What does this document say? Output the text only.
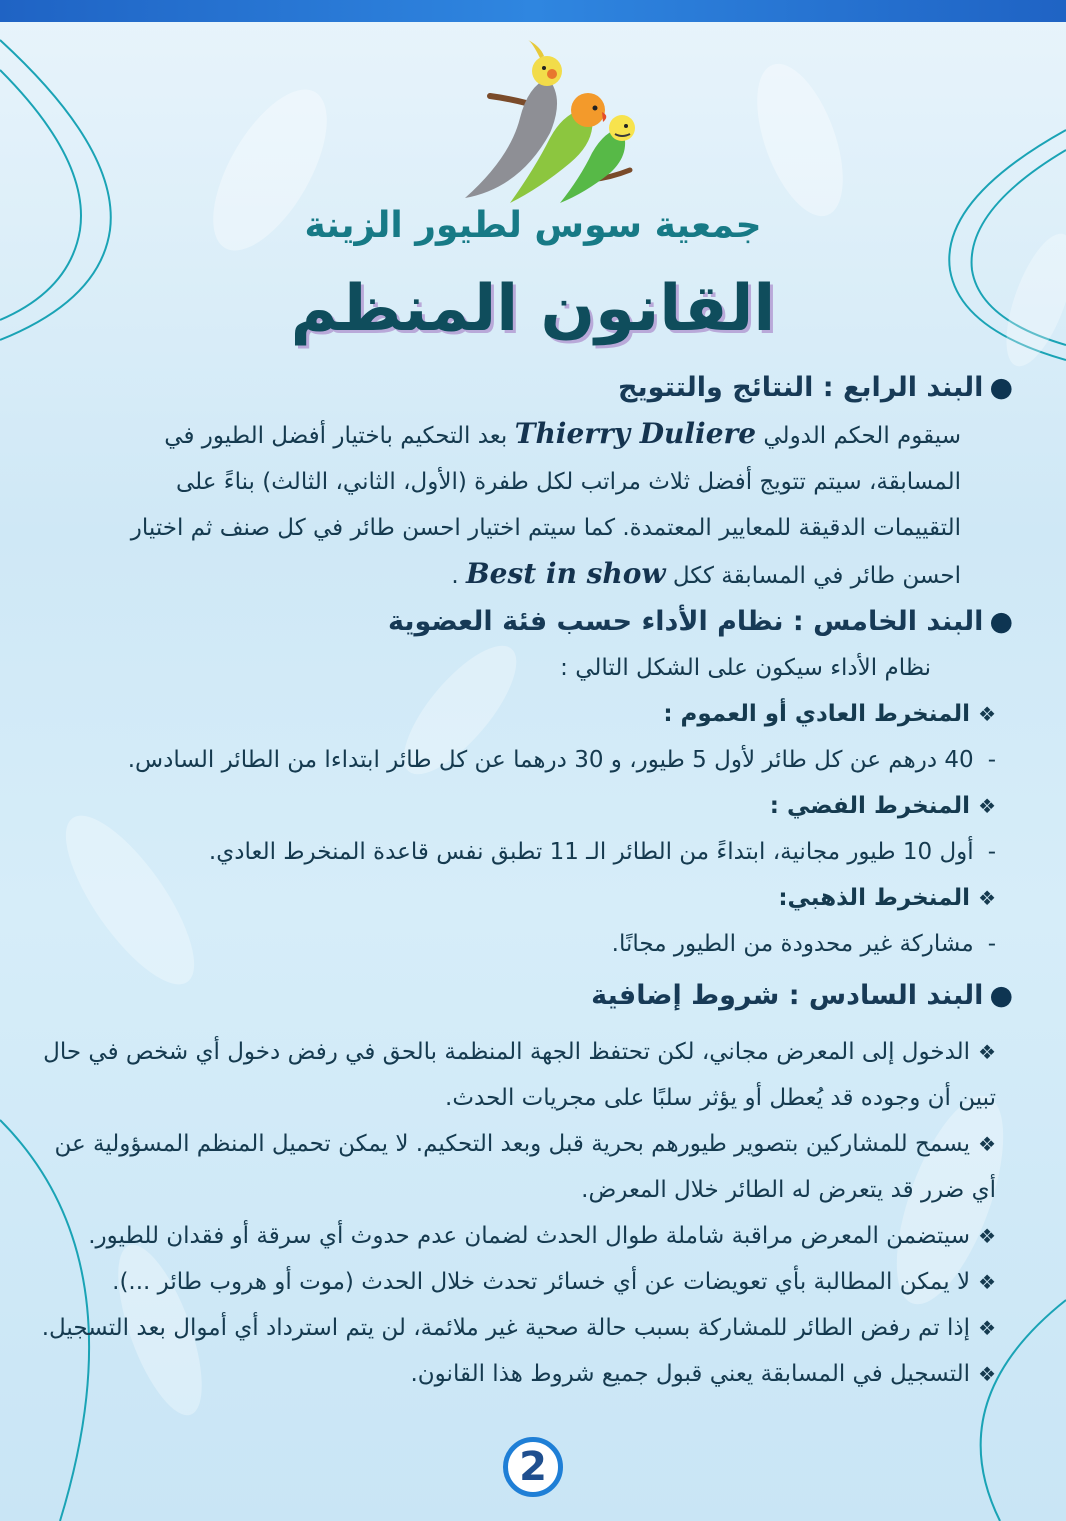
جمعية سوس لطيور الزينة
القانون المنظم

●البند الرابع : النتائج والتتويج

سيقوم الحكم الدولي Thierry Duliere بعد التحكيم باختيار أفضل الطيور في
المسابقة، سيتم تتويج أفضل ثلاث مراتب لكل طفرة (الأول، الثاني، الثالث) بناءً على
التقييمات الدقيقة للمعايير المعتمدة. كما سيتم اختيار احسن طائر في كل صنف ثم اختيار
احسن طائر في المسابقة ككل Best in show .

●البند الخامس : نظام الأداء حسب فئة العضوية

نظام الأداء سيكون على الشكل التالي :

❖المنخرط العادي أو العموم :

-40 درهم عن كل طائر لأول 5 طيور، و 30 درهما عن كل طائر ابتداءا من الطائر السادس.

❖المنخرط الفضي :

-أول 10 طيور مجانية، ابتداءً من الطائر الـ 11 تطبق نفس قاعدة المنخرط العادي.

❖المنخرط الذهبي:

-مشاركة غير محدودة من الطيور مجانًا.

●البند السادس : شروط إضافية

❖الدخول إلى المعرض مجاني، لكن تحتفظ الجهة المنظمة بالحق في رفض دخول أي شخص في حال تبين أن وجوده قد يُعطل أو يؤثر سلبًا على مجريات الحدث.

❖يسمح للمشاركين بتصوير طيورهم بحرية قبل وبعد التحكيم. لا يمكن تحميل المنظم المسؤولية عن أي ضرر قد يتعرض له الطائر خلال المعرض.

❖سيتضمن المعرض مراقبة شاملة طوال الحدث لضمان عدم حدوث أي سرقة أو فقدان للطيور.

❖لا يمكن المطالبة بأي تعويضات عن أي خسائر تحدث خلال الحدث (موت أو هروب طائر ...).

❖إذا تم رفض الطائر للمشاركة بسبب حالة صحية غير ملائمة، لن يتم استرداد أي أموال بعد التسجيل.

❖التسجيل في المسابقة يعني قبول جميع شروط هذا القانون.

2
